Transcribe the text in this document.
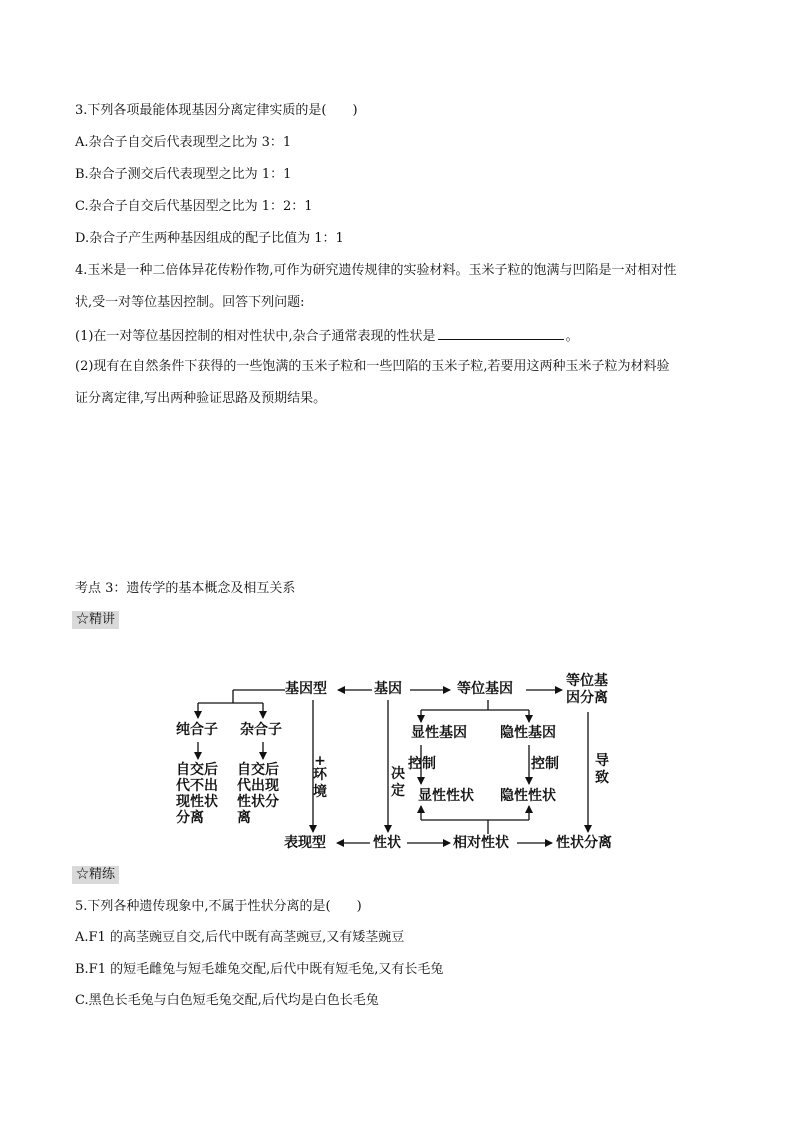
3.下列各项最能体现基因分离定律实质的是(　　)
A.杂合子自交后代表现型之比为 3：1
B.杂合子测交后代表现型之比为 1：1
C.杂合子自交后代基因型之比为 1：2：1
D.杂合子产生两种基因组成的配子比值为 1：1
4.玉米是一种二倍体异花传粉作物,可作为研究遗传规律的实验材料。玉米子粒的饱满与凹陷是一对相对性
状,受一对等位基因控制。回答下列问题:
(1)在一对等位基因控制的相对性状中,杂合子通常表现的性状是	。
(2)现有在自然条件下获得的一些饱满的玉米子粒和一些凹陷的玉米子粒,若要用这两种玉米子粒为材料验
证分离定律,写出两种验证思路及预期结果。
考点 3：遗传学的基本概念及相互关系
☆精讲
基因型	基因	等位基因	等位基
因分离
纯合子 杂合子
自交后
代不出
现性状
分离
自交后
代出现
性状分
离
+
环
境
决
定
显性基因 隐性基因
控制	控制
显性性状 隐性性状
导
致
表现型	性状	相对性状	性状分离
☆精练
5.下列各种遗传现象中,不属于性状分离的是(　　)
A.F1 的高茎豌豆自交,后代中既有高茎豌豆,又有矮茎豌豆
B.F1 的短毛雌兔与短毛雄兔交配,后代中既有短毛兔,又有长毛兔
C.黑色长毛兔与白色短毛兔交配,后代均是白色长毛兔
